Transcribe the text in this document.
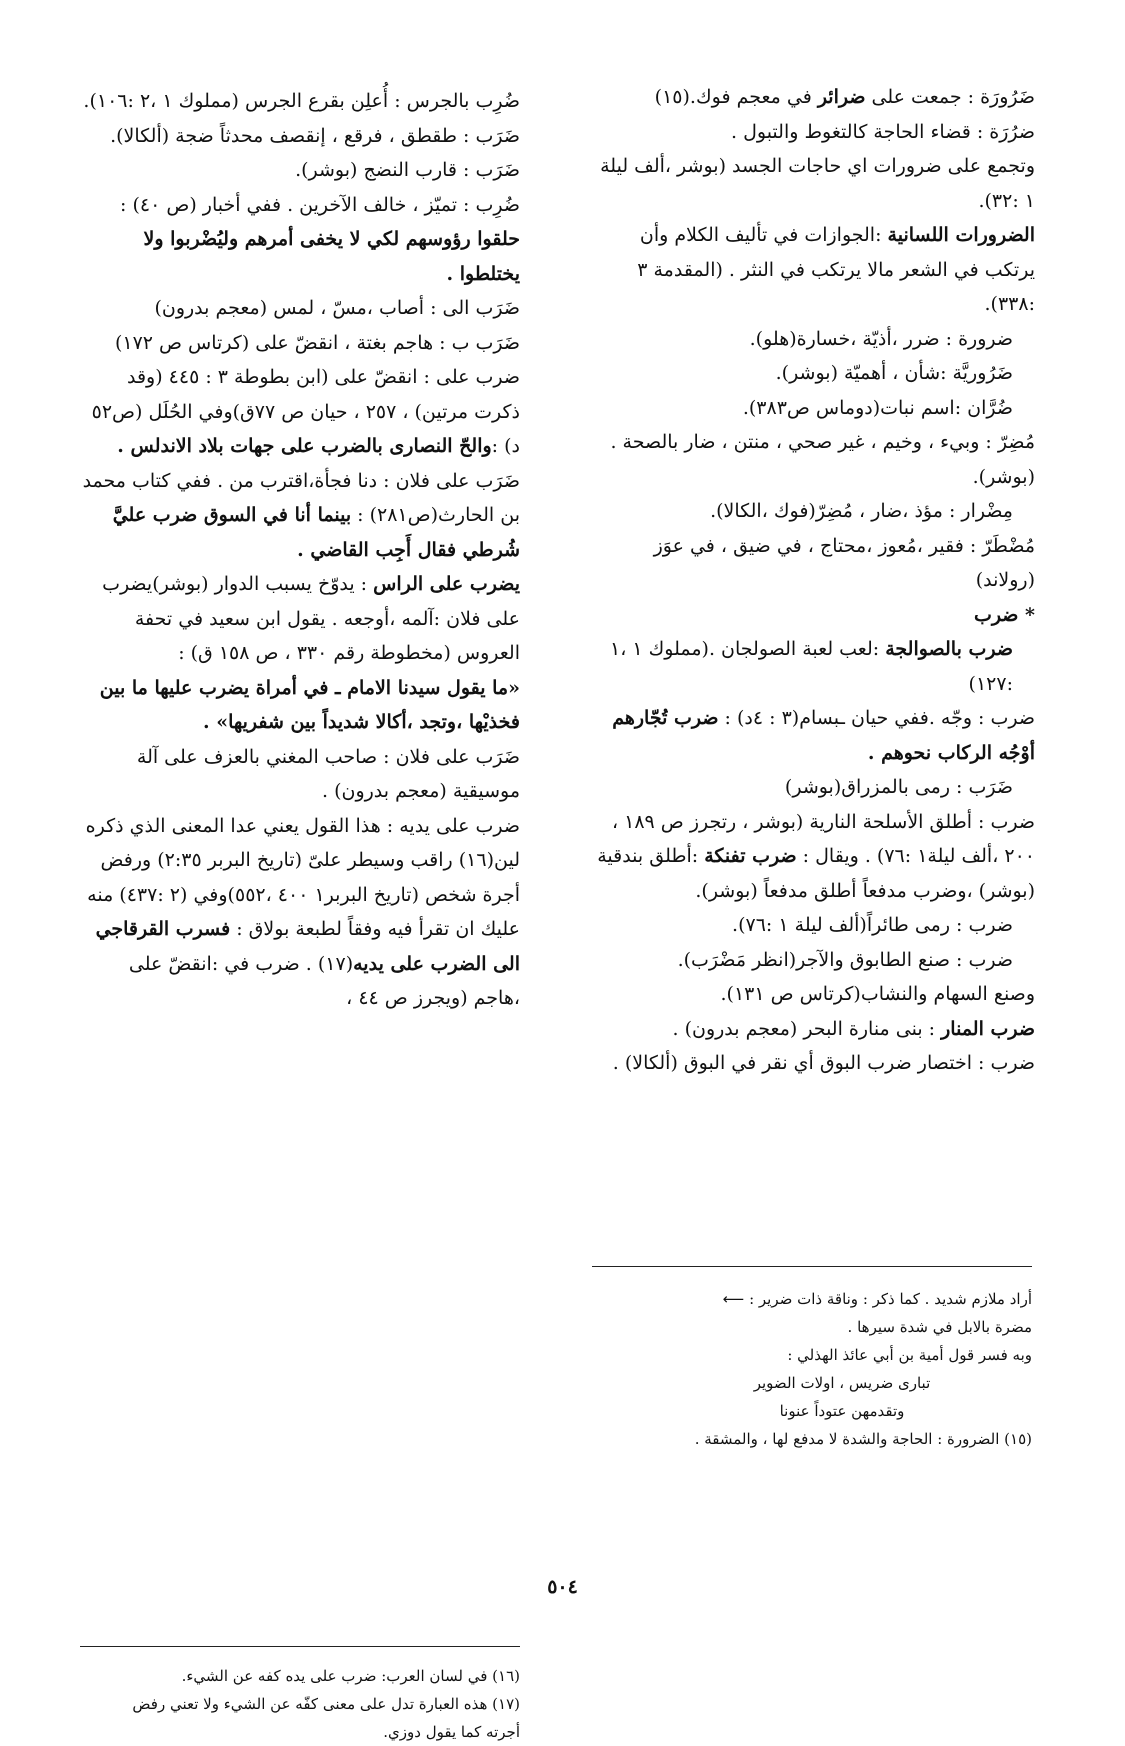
ضَرُورَة : جمعت على ضرائر في معجم فوك.(١٥)

ضرُرَة : قضاء الحاجة كالتغوط والتبول .

وتجمع على ضرورات اي حاجات الجسد (بوشر ،ألف ليلة ١ :٣٢).

الضرورات اللسانية :الجوازات في تأليف الكلام وأن يرتكب في الشعر مالا يرتكب في النثر . (المقدمة ٣ :٣٣٨).

ضرورة : ضرر ،أذيّة ،خسارة(هلو).

ضَرُوريَّة :شأن ، أهميّة (بوشر).

ضُرَّان :اسم نبات(دوماس ص٣٨٣).

مُضِرّ : وبيء ، وخيم ، غير صحي ، منتن ، ضار بالصحة .(بوشر).

مِضْرار : مؤذ ،ضار ، مُضِرّ(فوك ،الكالا).

مُضْطَرّ : فقير ،مُعوز ،محتاج ، في ضيق ، في عوَز (رولاند)

* ضرب

ضرب بالصوالجة :لعب لعبة الصولجان .(مملوك ١ ،١ :١٢٧)

ضرب : وجّه .ففي حيان ـبسام(٣ : ٤د) : ضرب تُجّارهم أوْجُه الركاب نحوهم .

ضَرَب : رمى بالمزراق(بوشر)

ضرب : أطلق الأسلحة النارية (بوشر ، رتجرز ص ١٨٩ ، ٢٠٠ ،ألف ليلة١ :٧٦) . ويقال : ضرب تفنكة :أطلق بندقية (بوشر) ،وضرب مدفعاً أطلق مدفعاً (بوشر).

ضرب : رمى طائراً(ألف ليلة ١ :٧٦).

ضرب : صنع الطابوق والآجر(انظر مَضْرَب).

وصنع السهام والنشاب(كرتاس ص ١٣١).

ضرب المنار : بنى منارة البحر (معجم بدرون) .

ضرب : اختصار ضرب البوق أي نقر في البوق (ألكالا) .

أراد ملازم شديد . كما ذكر : وناقة ذات ضرير : ⟵

مضرة بالابل في شدة سيرها .

وبه فسر قول أمية بن أبي عائذ الهذلي :

تبارى ضريس ، اولات الضوير

وتقدمهن عتوداً عنونا

(١٥) الضرورة : الحاجة والشدة لا مدفع لها ، والمشقة .

ضُرِب بالجرس : أُعلِن بقرع الجرس (مملوك ١ ،٢ :١٠٦).

ضَرَب : طقطق ، فرقع ، إنقصف محدثاً ضجة (ألكالا).

ضَرَب : قارب النضج (بوشر).

ضُرِب : تميّز ، خالف الآخرين . ففي أخبار (ص ٤٠) : حلقوا رؤوسهم لكي لا يخفى أمرهم وليُضْربوا ولا يختلطوا .

ضَرَب الى : أصاب ،مسّ ، لمس (معجم بدرون)

ضَرَب ب : هاجم بغتة ، انقضّ على (كرتاس ص ١٧٢)

ضرب على : انقضّ على (ابن بطوطة ٣ : ٤٤٥ (وقد ذكرت مرتين) ، ٢٥٧ ، حيان ص ٧٧ق)وفي الحُلَل (ص٥٢ د) :والحّ النصارى بالضرب على جهات بلاد الاندلس .

ضَرَب على فلان : دنا فجأة،اقترب من . ففي كتاب محمد بن الحارث(ص٢٨١) : بينما أنا في السوق ضرب عليَّ شُرطي فقال أَجِب القاضي .

يضرب على الراس : يدوّخ يسبب الدوار (بوشر)يضرب على فلان :آلمه ،أوجعه . يقول ابن سعيد في تحفة العروس (مخطوطة رقم ٣٣٠ ، ص ١٥٨ ق) :

«ما يقول سيدنا الامام ـ في أمراة يضرب عليها ما بين فخذيْها ،وتجد ،أكالا شديداً بين شفريها» .

ضَرَب على فلان : صاحب المغني بالعزف على آلة موسيقية (معجم بدرون) .

ضرب على يديه : هذا القول يعني عدا المعنى الذي ذكره لين(١٦) راقب وسيطر علىّ (تاريخ البربر ٢:٣٥) ورفض أجرة شخص (تاريخ البربر١ ٤٠٠ ،٥٥٢)وفي (٢ :٤٣٧) منه عليك ان تقرأ فيه وفقاً لطبعة بولاق : فسرب القرقاجي الى الضرب على يديه(١٧) . ضرب في :انقضّ على ،هاجم (ويجرز ص ٤٤ ،

(١٦) في لسان العرب: ضرب على يده كفه عن الشيء.

(١٧) هذه العبارة تدل على معنى كفّه عن الشيء ولا تعني رفض

أجرته كما يقول دوزي.

٥٠٤
